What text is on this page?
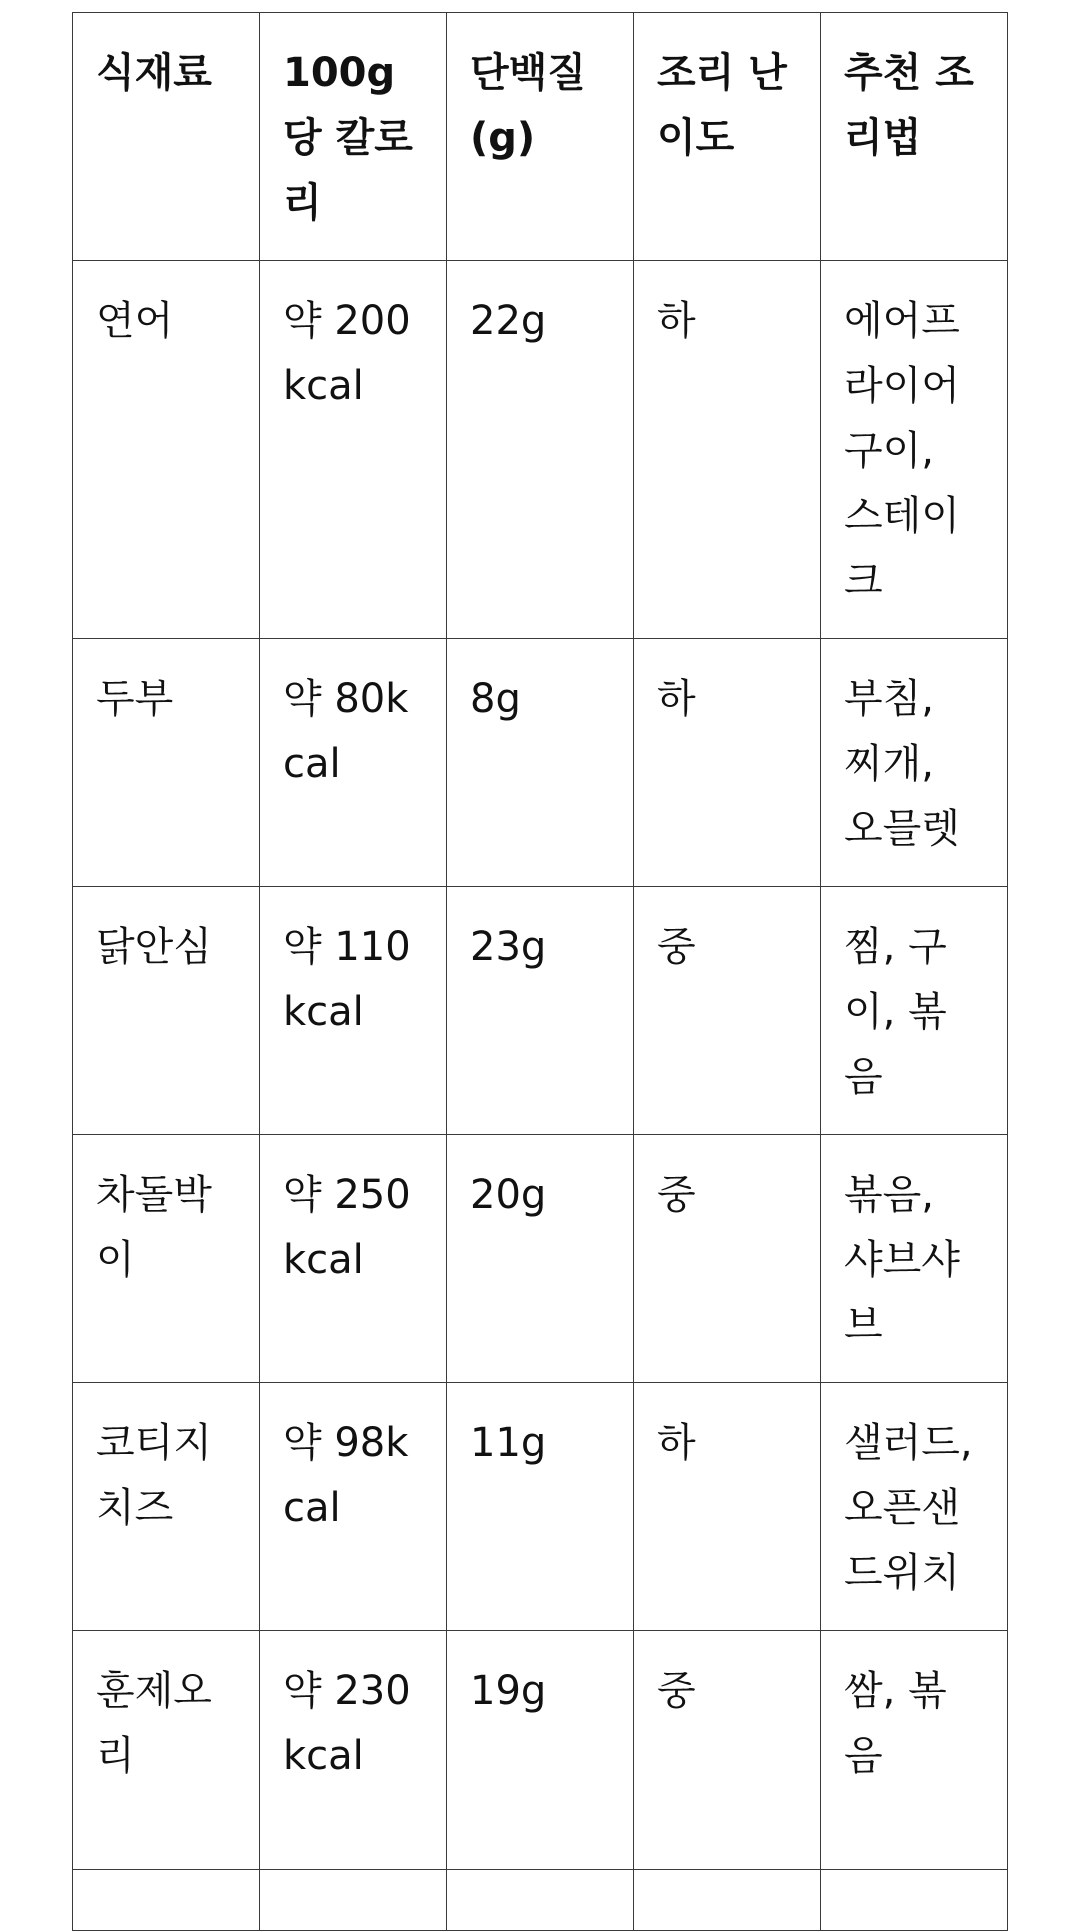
식재료	100g 당 칼로리	단백질(g)	조리 난이도	추천 조리법
연어	약 200kcal	22g	하	에어프라이어 구이, 스테이크
두부	약 80kcal	8g	하	부침, 찌개, 오믈렛
닭안심	약 110kcal	23g	중	찜, 구이, 볶음
차돌박이	약 250kcal	20g	중	볶음, 샤브샤브
코티지치즈	약 98kcal	11g	하	샐러드, 오픈샌드위치
훈제오리	약 230kcal	19g	중	쌈, 볶음
